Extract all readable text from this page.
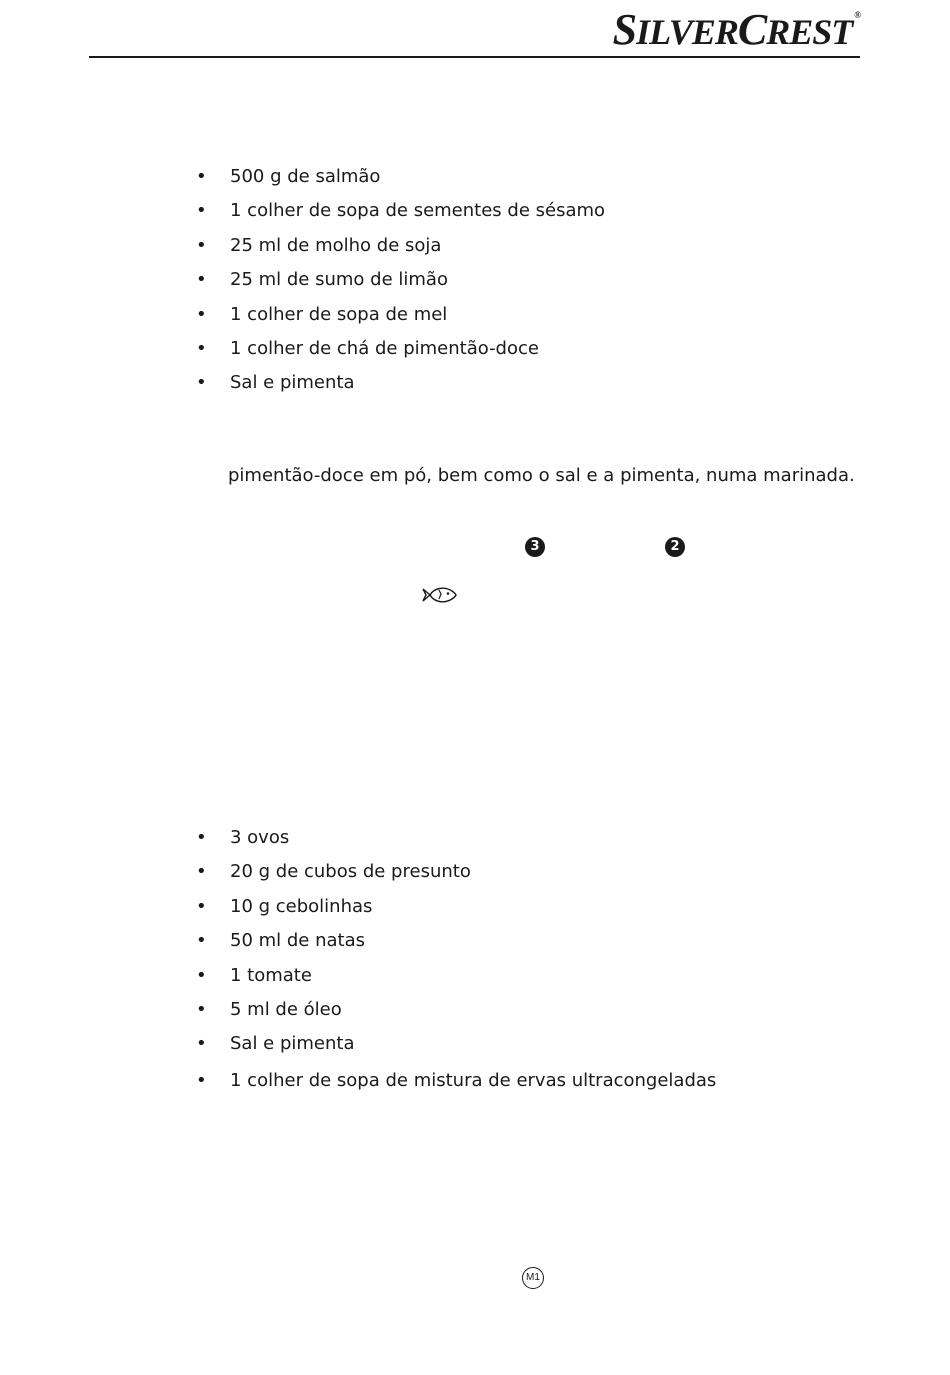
SILVERCREST ®
• 500 g de salmão
• 1 colher de sopa de sementes de sésamo
• 25 ml de molho de soja
• 25 ml de sumo de limão
• 1 colher de sopa de mel
• 1 colher de chá de pimentão-doce
• Sal e pimenta
pimentão-doce em pó, bem como o sal e a pimenta, numa marinada.
3	2
• 3 ovos
• 20 g de cubos de presunto
• 10 g cebolinhas
• 50 ml de natas
• 1 tomate
• 5 ml de óleo
• Sal e pimenta
• 1 colher de sopa de mistura de ervas ultracongeladas
M1
